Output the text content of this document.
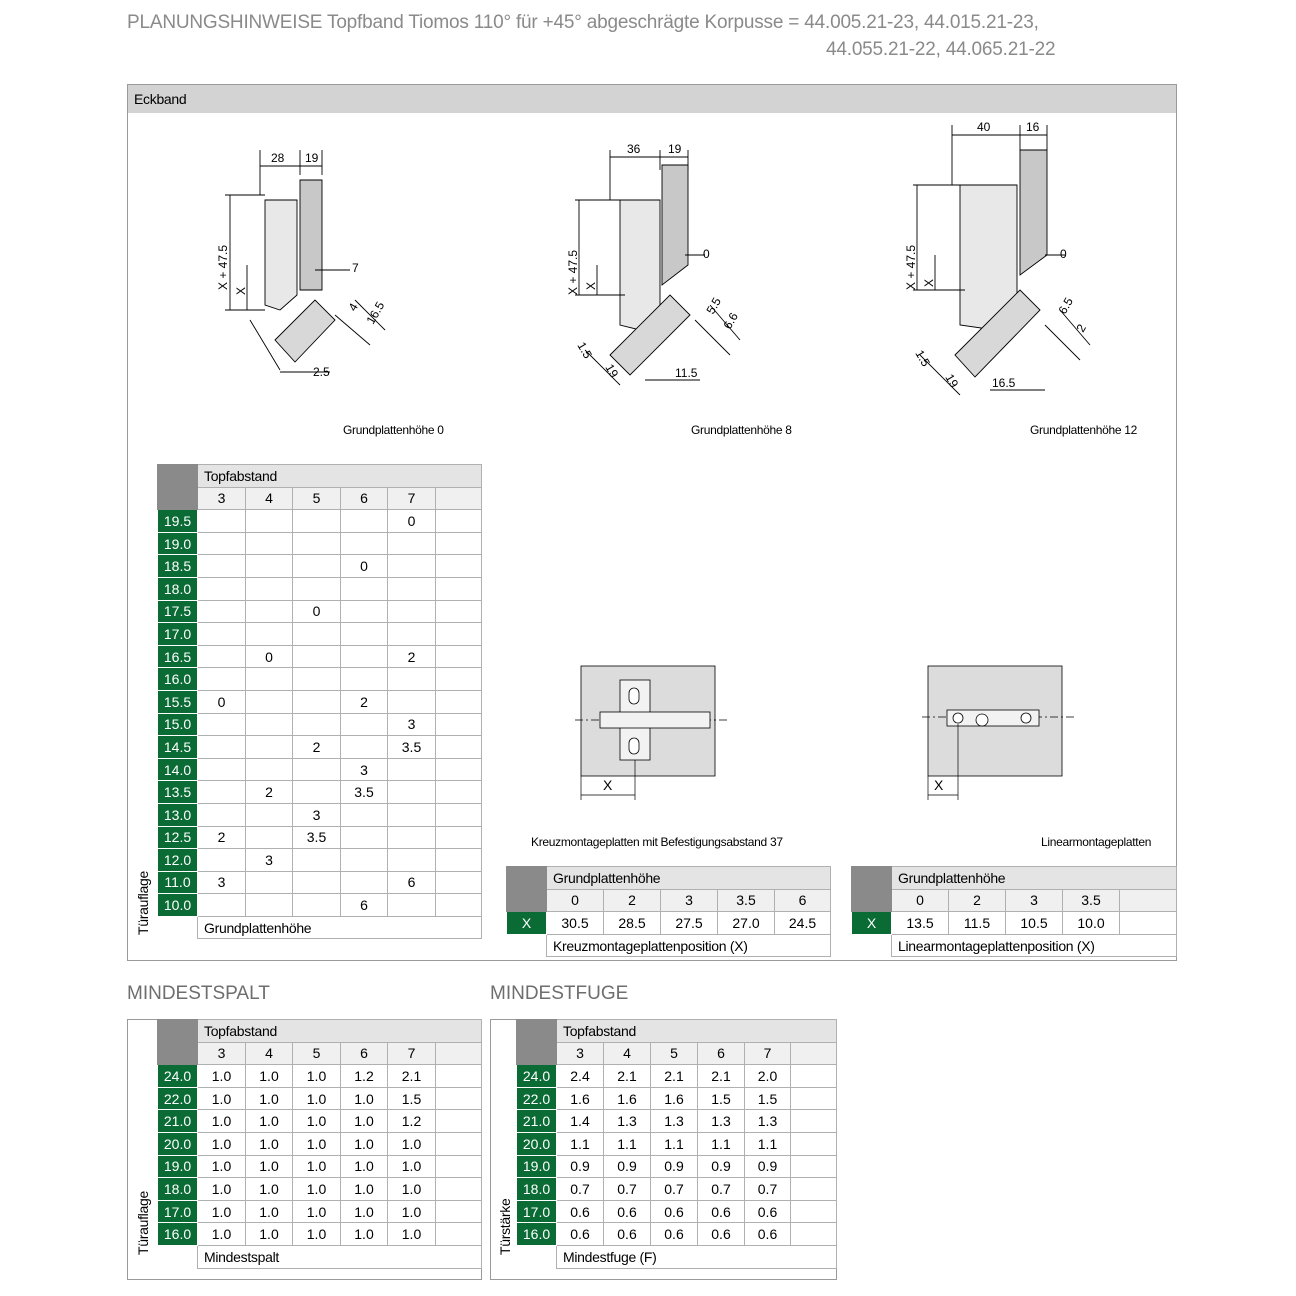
PLANUNGSHINWEISE Topfband Tiomos 110° für +45° abgeschrägte Korpusse = 44.005.21-23, 44.015.21-23,
44.055.21-22, 44.065.21-22
Eckband
28 19
X + 47.5
X
7
4 16.5
2.5
Grundplattenhöhe 0
36 19
X + 47.5 X
0
5.5
6.6
1.5
19	11.5
Grundplattenhöhe 8
40	16
X + 47.5 X
0
6.5
2
1.5
19	16.5
Grundplattenhöhe 12
	Topfabstand					
	3	4	5	6	7	
19.5					0	
19.0						
18.5				0		
18.0						
17.5			0			
17.0						
16.5		0			2	
16.0						
15.5	0			2		
15.0					3	
14.5			2		3.5	
14.0				3		
13.5		2		3.5		
13.0			3			
12.5	2		3.5			
12.0		3				
11.0	3				6	
10.0				6		
	Grundplattenhöhe					
Türauflage
X
Kreuzmontageplatten mit Befestigungsabstand 37
X
Linearmontageplatten
	Grundplattenhöhe				
	0	2	3	3.5	6
X	30.5	28.5	27.5	27.0	24.5
	Kreuzmontageplattenposition (X)				
	Grundplattenhöhe				
	0	2	3	3.5	
X	13.5	11.5	10.5	10.0	
	Linearmontageplattenposition (X)				
MINDESTSPALT
	Topfabstand					
	3	4	5	6	7	
24.0	1.0	1.0	1.0	1.2	2.1	
22.0	1.0	1.0	1.0	1.0	1.5	
21.0	1.0	1.0	1.0	1.0	1.2	
20.0	1.0	1.0	1.0	1.0	1.0	
19.0	1.0	1.0	1.0	1.0	1.0	
18.0	1.0	1.0	1.0	1.0	1.0	
17.0	1.0	1.0	1.0	1.0	1.0	
16.0	1.0	1.0	1.0	1.0	1.0	
	Mindestspalt					
Türauflage
MINDESTFUGE
	Topfabstand					
	3	4	5	6	7	
24.0	2.4	2.1	2.1	2.1	2.0	
22.0	1.6	1.6	1.6	1.5	1.5	
21.0	1.4	1.3	1.3	1.3	1.3	
20.0	1.1	1.1	1.1	1.1	1.1	
19.0	0.9	0.9	0.9	0.9	0.9	
18.0	0.7	0.7	0.7	0.7	0.7	
17.0	0.6	0.6	0.6	0.6	0.6	
16.0	0.6	0.6	0.6	0.6	0.6	
	Mindestfuge (F)					
Türstärke
